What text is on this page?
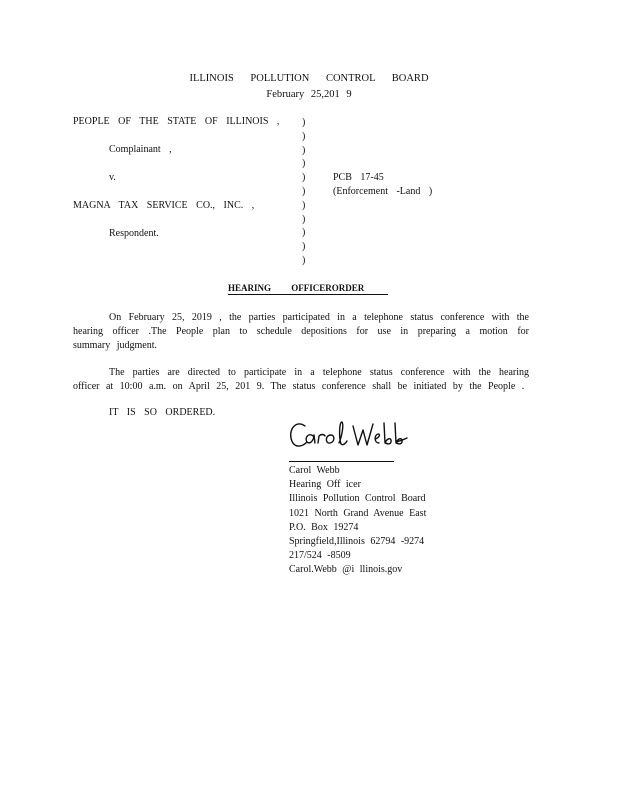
ILLINOIS POLLUTION CONTROL BOARD
February 25,201 9
PEOPLE OF THE STATE OF ILLINOIS ,
Complainant ,
v.
MAGNA TAX SERVICE CO., INC. ,
Respondent.
)
)
)
)
)
)
)
)
)
)
)
PCB 17-45
(Enforcement -Land )
HEARING OFFICERORDER
On February 25, 2019 , the parties participated in a telephone status conference with the hearing officer .The People plan to schedule depositions for use in preparing a motion for summary judgment.
The parties are directed to participate in a telephone status conference with the hearing officer at 10:00 a.m. on April 25, 201 9. The status conference shall be initiated by the People .
IT IS SO ORDERED.
Carol Webb
Hearing Off icer
Illinois Pollution Control Board
1021 North Grand Avenue East
P.O. Box 19274
Springfield,Illinois 62794 -9274
217/524 -8509
Carol.Webb @i llinois.gov
